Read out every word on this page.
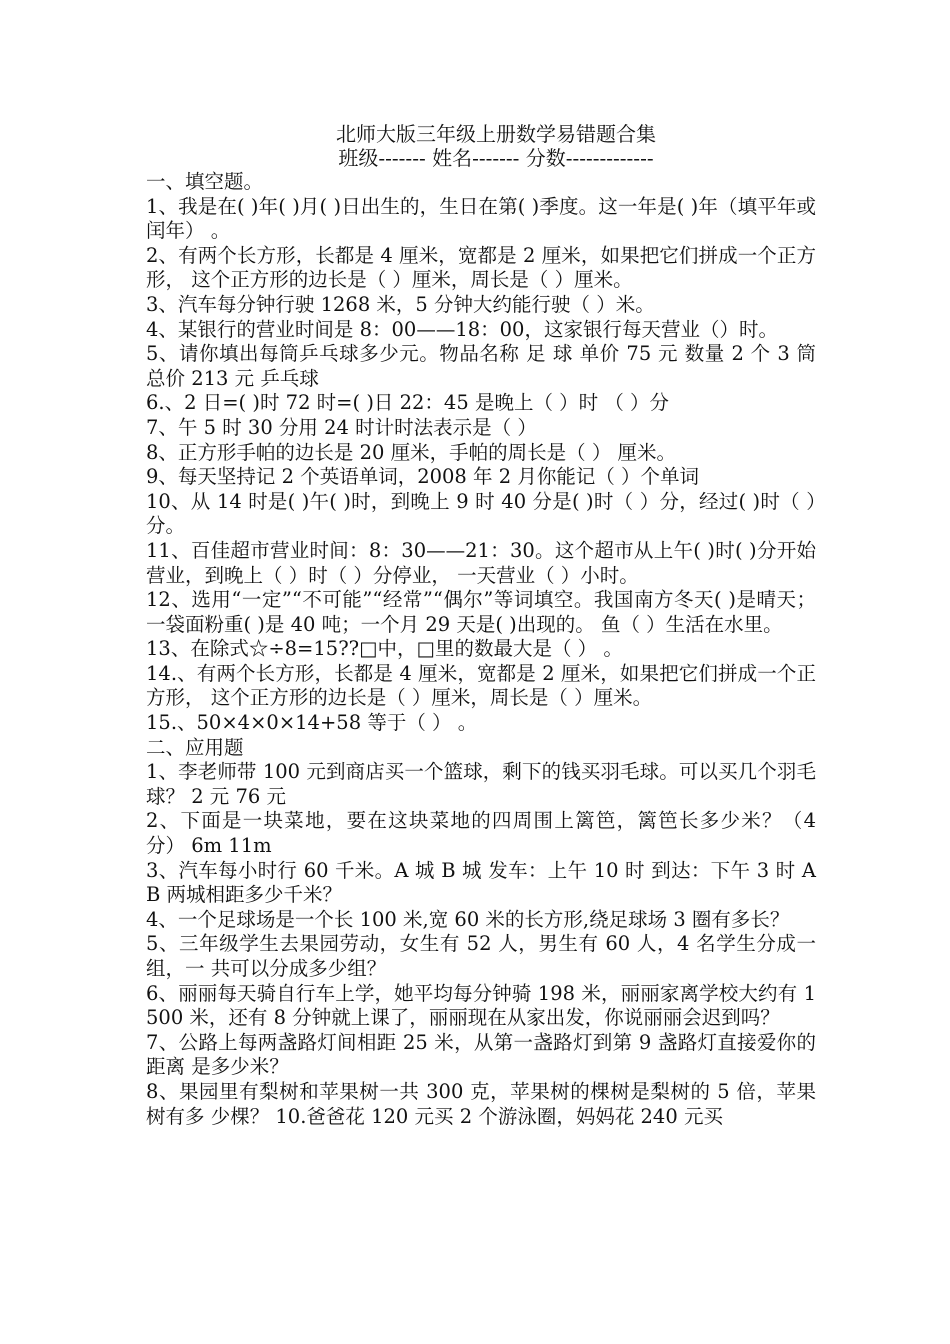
北师大版三年级上册数学易错题合集
班级------- 姓名------- 分数-------------
一、填空题。
1、我是在( )年( )月( )日出生的，生日在第( )季度。这一年是( )年（填平年或闰年） 。
2、有两个长方形，长都是 4 厘米，宽都是 2 厘米，如果把它们拼成一个正方形， 这个正方形的边长是（ ）厘米，周长是（ ）厘米。
3、汽车每分钟行驶 1268 米，5 分钟大约能行驶（ ）米。
4、某银行的营业时间是 8：00——18：00，这家银行每天营业（）时。
5、请你填出每筒乒乓球多少元。物品名称 足 球 单价 75 元 数量 2 个 3 筒 总价 213 元 乒乓球
6.、2 日=( )时 72 时=( )日 22：45 是晚上（ ）时 （ ）分
7、午 5 时 30 分用 24 时计时法表示是（ ）
8、正方形手帕的边长是 20 厘米，手帕的周长是（ ） 厘米。
9、每天坚持记 2 个英语单词，2008 年 2 月你能记（ ）个单词
10、从 14 时是( )午( )时，到晚上 9 时 40 分是( )时（ ）分，经过( )时（ ）分。
11、百佳超市营业时间：8：30——21：30。这个超市从上午( )时( )分开始营业，到晚上（ ）时（ ）分停业， 一天营业（ ）小时。
12、选用“一定”“不可能”“经常”“偶尔”等词填空。我国南方冬天( )是晴天；一袋面粉重( )是 40 吨；一个月 29 天是( )出现的。 鱼（ ）生活在水里。
13、在除式☆÷8=15??□中，□里的数最大是（ ） 。
14.、有两个长方形，长都是 4 厘米，宽都是 2 厘米，如果把它们拼成一个正方形， 这个正方形的边长是（ ）厘米，周长是（ ）厘米。
15.、50×4×0×14+58 等于（ ） 。
二、应用题
1、李老师带 100 元到商店买一个篮球，剩下的钱买羽毛球。可以买几个羽毛球？ 2 元 76 元
2、下面是一块菜地，要在这块菜地的四周围上篱笆，篱笆长多少米？（4 分） 6m 11m
3、汽车每小时行 60 千米。A 城 B 城 发车：上午 10 时 到达：下午 3 时 AB 两城相距多少千米？
4、一个足球场是一个长 100 米,宽 60 米的长方形,绕足球场 3 圈有多长？
5、三年级学生去果园劳动，女生有 52 人，男生有 60 人，4 名学生分成一组，一 共可以分成多少组？
6、丽丽每天骑自行车上学，她平均每分钟骑 198 米，丽丽家离学校大约有 1500 米，还有 8 分钟就上课了，丽丽现在从家出发，你说丽丽会迟到吗？
7、公路上每两盏路灯间相距 25 米，从第一盏路灯到第 9 盏路灯直接爱你的距离 是多少米？
8、果园里有梨树和苹果树一共 300 克，苹果树的棵树是梨树的 5 倍，苹果树有多 少棵？ 10.爸爸花 120 元买 2 个游泳圈，妈妈花 240 元买
